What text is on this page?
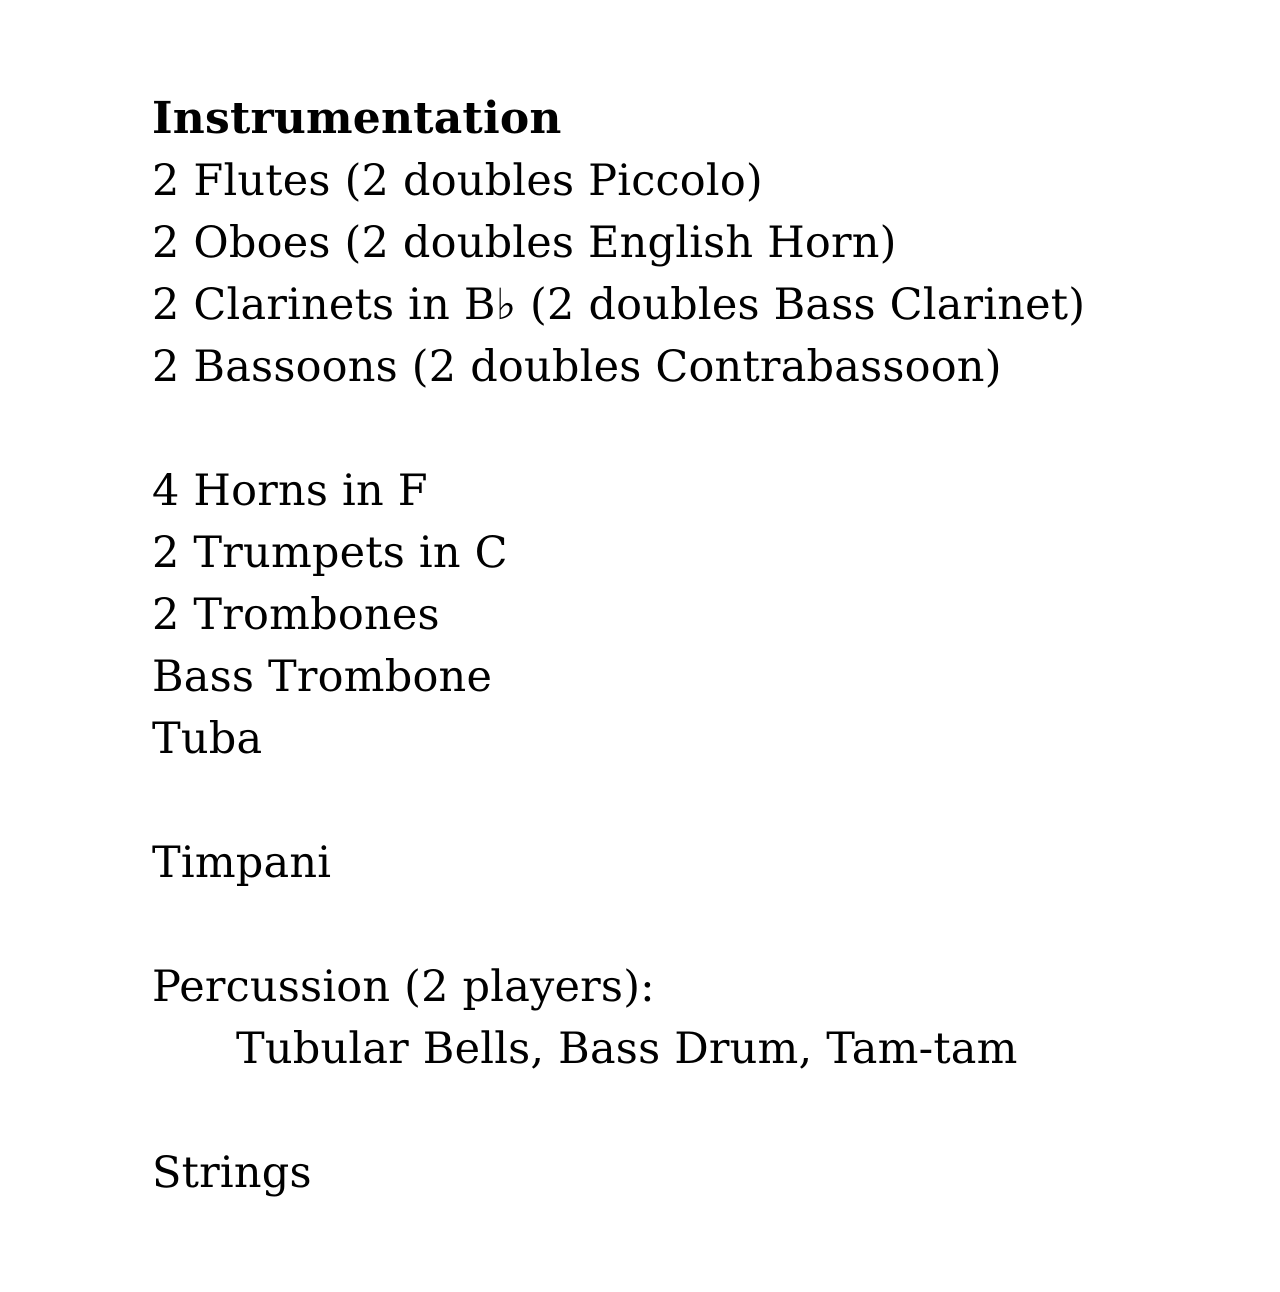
Instrumentation

2 Flutes (2 doubles Piccolo)

2 Oboes (2 doubles English Horn)

2 Clarinets in B♭ (2 doubles Bass Clarinet)

2 Bassoons (2 doubles Contrabassoon)

4 Horns in F

2 Trumpets in C

2 Trombones

Bass Trombone

Tuba

Timpani

Percussion (2 players):

Tubular Bells, Bass Drum, Tam-tam

Strings
